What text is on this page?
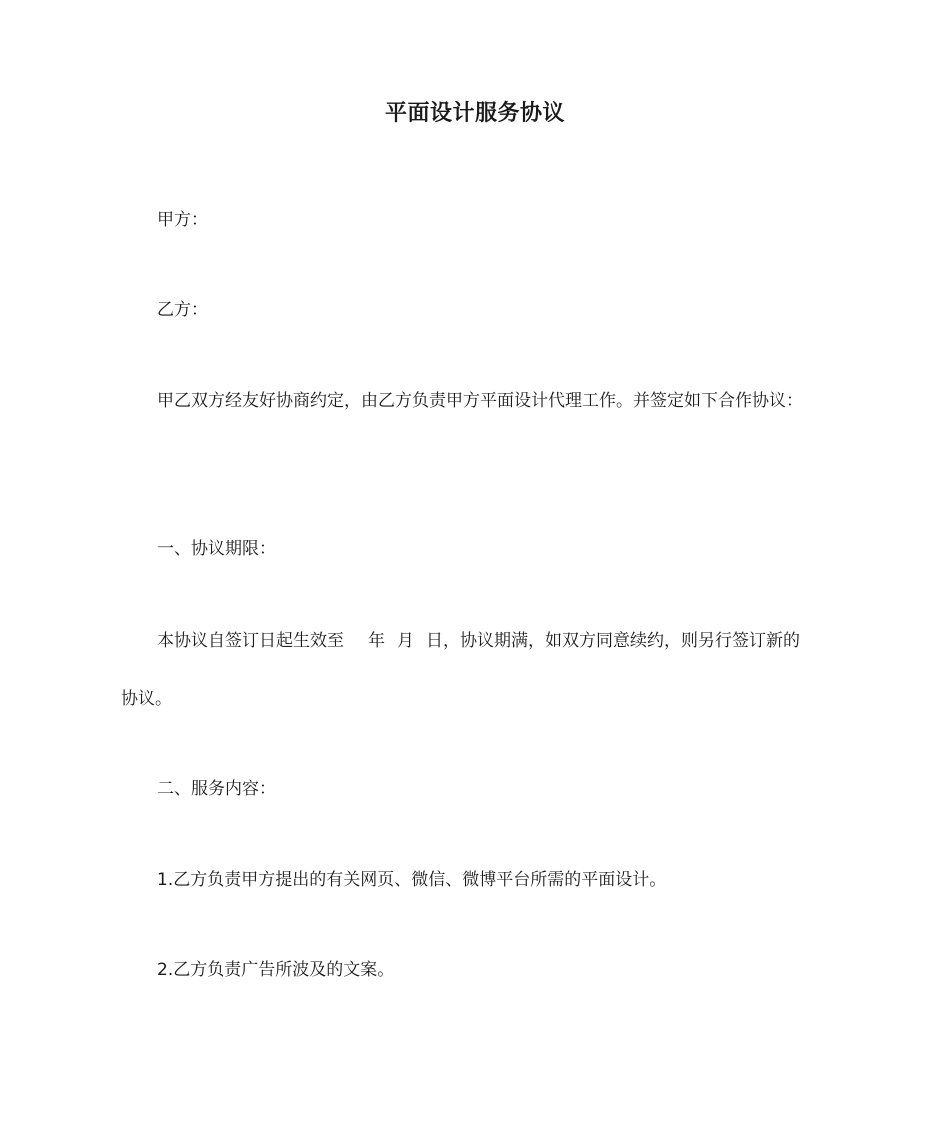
平面设计服务协议
甲方：
乙方：
甲乙双方经友好协商约定，由乙方负责甲方平面设计代理工作。并签定如下合作协议：
一、协议期限：
本协议自签订日起生效至 年 月 日，协议期满，如双方同意续约，则另行签订新的
协议。
二、服务内容：
1.乙方负责甲方提出的有关网页、微信、微博平台所需的平面设计。
2.乙方负责广告所波及的文案。
